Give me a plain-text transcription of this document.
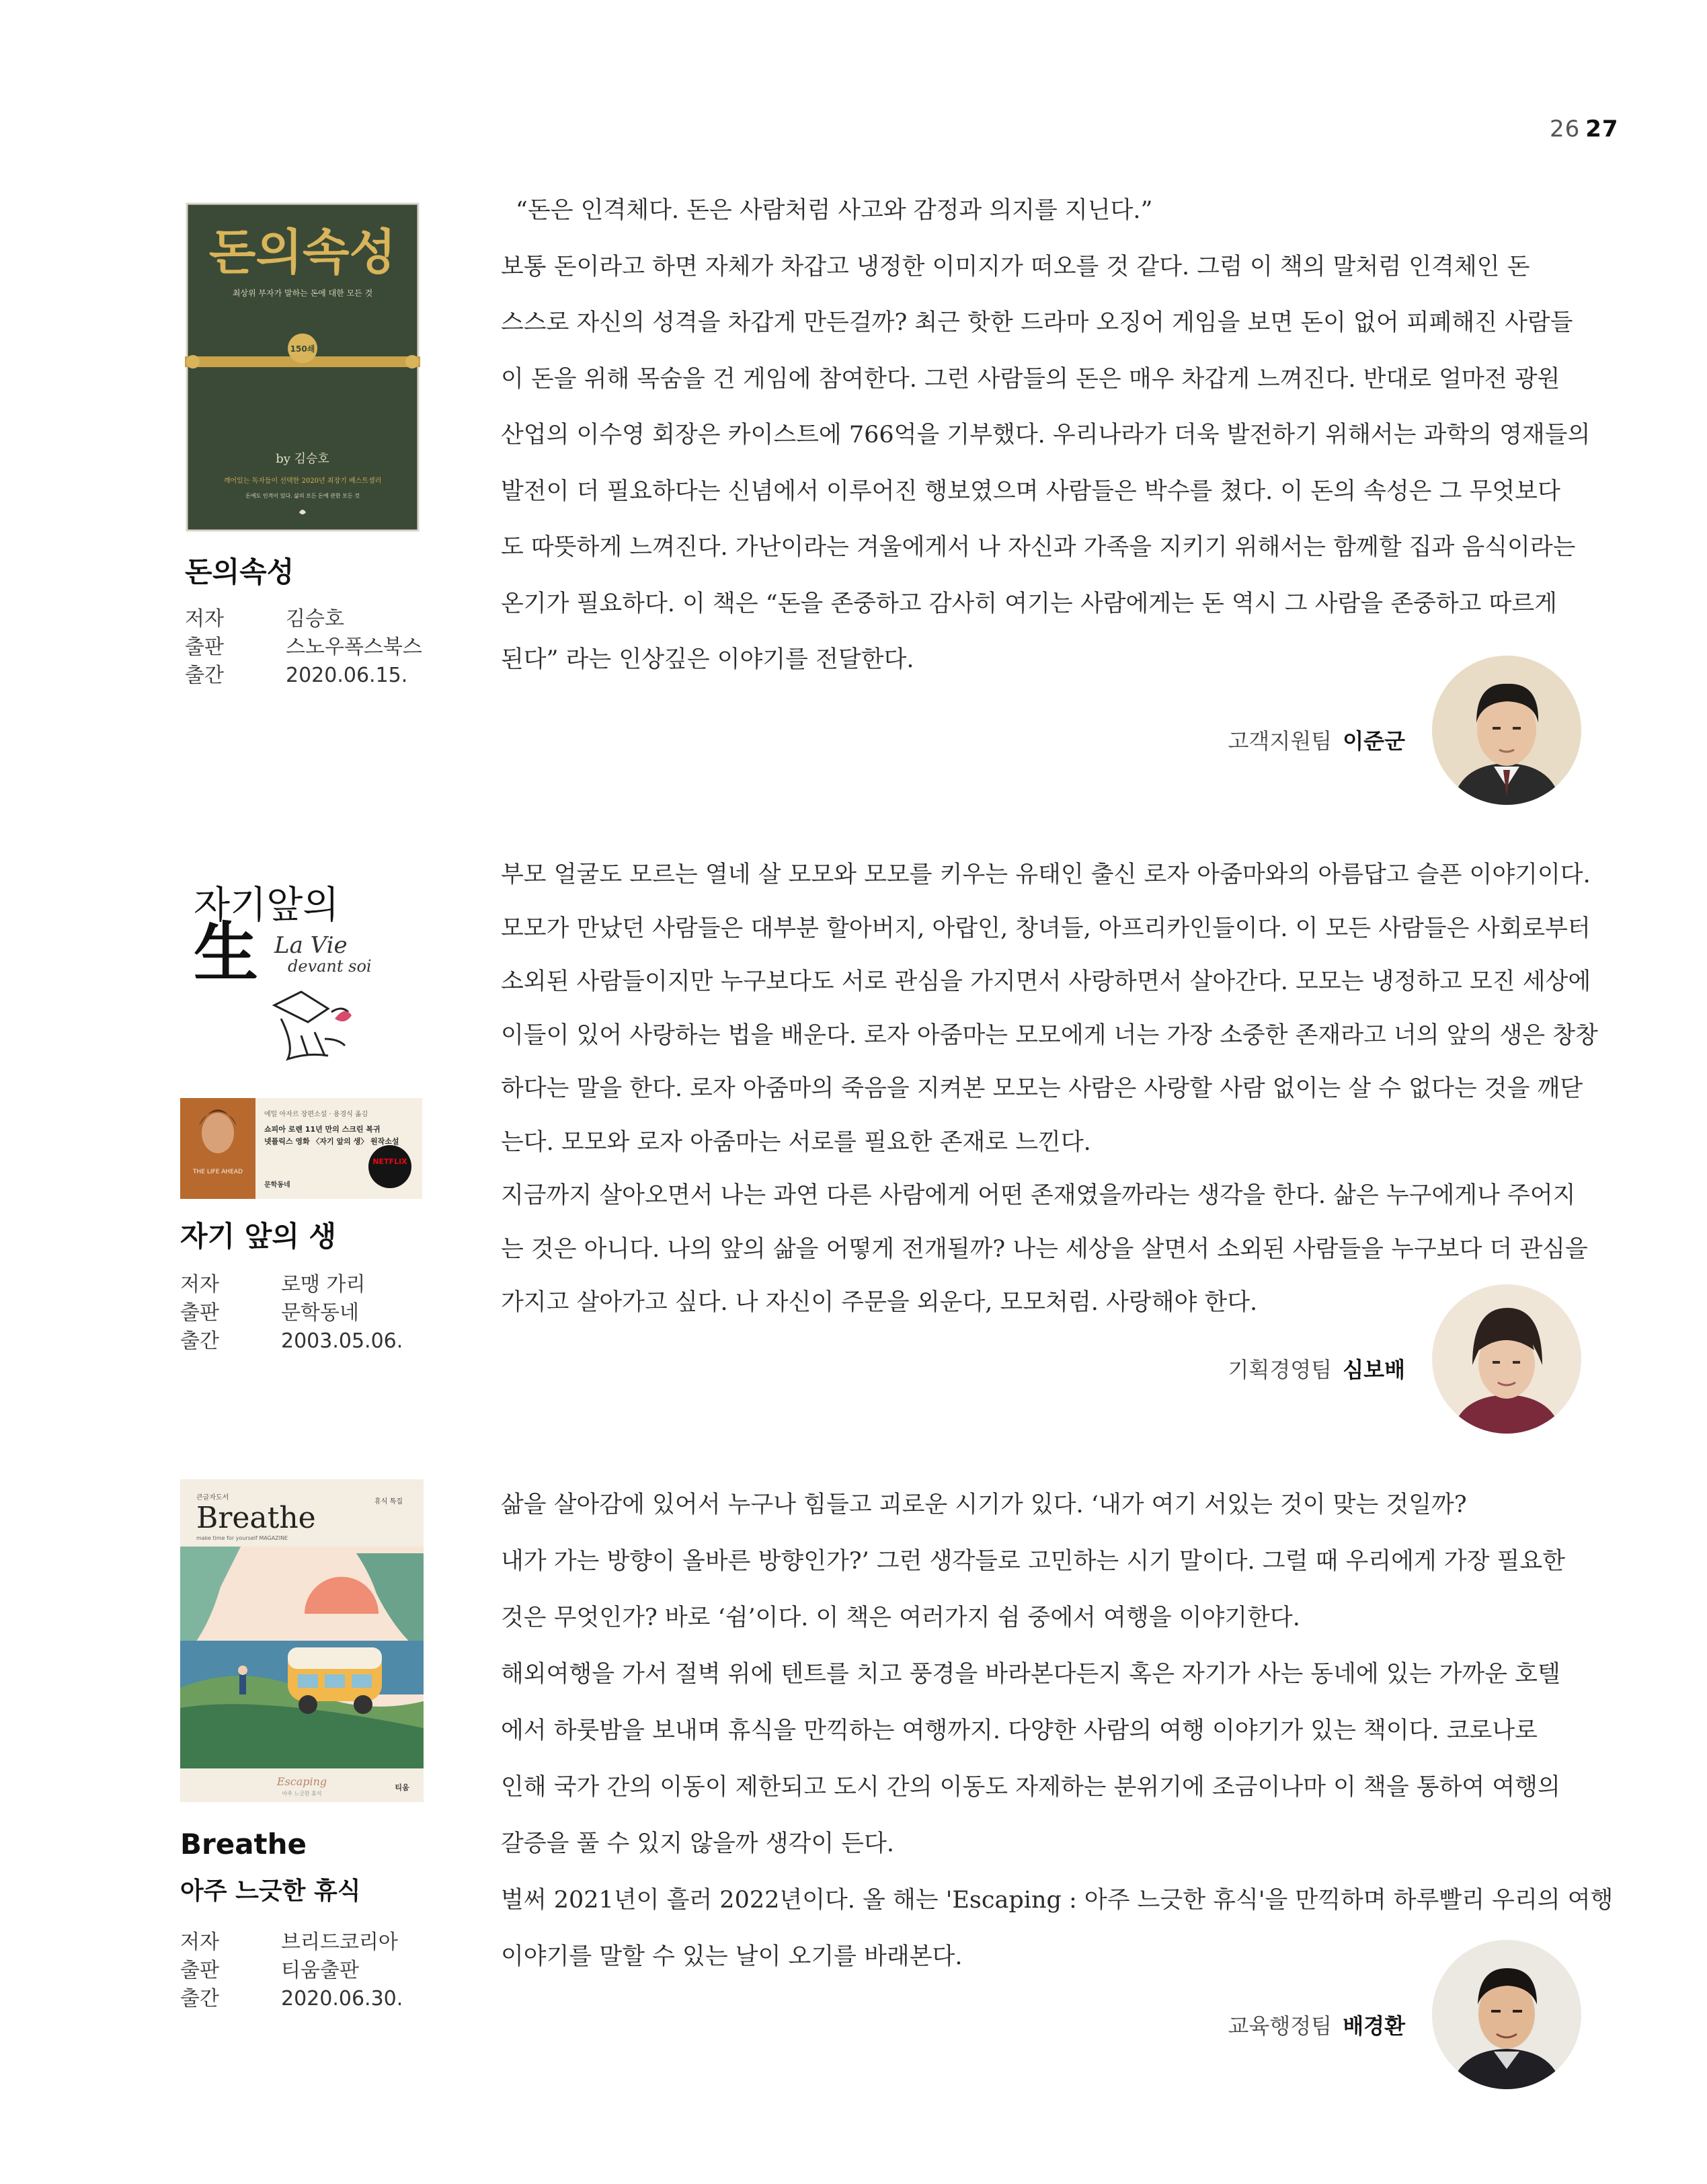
26 27
돈의속성
최상위 부자가 말하는 돈에 대한 모든 것
150쇄
by 김승호
깨어있는 독자들이 선택한 2020년 최장기 베스트셀러
돈에도 인격이 있다. 삶의 모든 돈에 관한 모든 것
돈의속성
저자	김승호
출판	스노우폭스북스
출간	2020.06.15.

“돈은 인격체다. 돈은 사람처럼 사고와 감정과 의지를 지닌다.”

보통 돈이라고 하면 자체가 차갑고 냉정한 이미지가 떠오를 것 같다. 그럼 이 책의 말처럼 인격체인 돈

스스로 자신의 성격을 차갑게 만든걸까? 최근 핫한 드라마 오징어 게임을 보면 돈이 없어 피폐해진 사람들

이 돈을 위해 목숨을 건 게임에 참여한다. 그런 사람들의 돈은 매우 차갑게 느껴진다. 반대로 얼마전 광원

산업의 이수영 회장은 카이스트에 766억을 기부했다. 우리나라가 더욱 발전하기 위해서는 과학의 영재들의

발전이 더 필요하다는 신념에서 이루어진 행보였으며 사람들은 박수를 쳤다. 이 돈의 속성은 그 무엇보다

도 따뜻하게 느껴진다. 가난이라는 겨울에게서 나 자신과 가족을 지키기 위해서는 함께할 집과 음식이라는

온기가 필요하다. 이 책은 “돈을 존중하고 감사히 여기는 사람에게는 돈 역시 그 사람을 존중하고 따르게

된다” 라는 인상깊은 이야기를 전달한다.

고객지원팀 이준군
자기앞의
生 La Vie
devant soi
THE LIFE AHEAD
에밀 아자르 장편소설 · 용경식 옮김
쇼피아 로렌 11년 만의 스크린 복귀
넷플릭스 영화 〈자기 앞의 생〉 원작소설
문학동네
NETFLIX
자기 앞의 생
저자	로맹 가리
출판	문학동네
출간	2003.05.06.

부모 얼굴도 모르는 열네 살 모모와 모모를 키우는 유태인 출신 로자 아줌마와의 아름답고 슬픈 이야기이다.

모모가 만났던 사람들은 대부분 할아버지, 아랍인, 창녀들, 아프리카인들이다. 이 모든 사람들은 사회로부터

소외된 사람들이지만 누구보다도 서로 관심을 가지면서 사랑하면서 살아간다. 모모는 냉정하고 모진 세상에

이들이 있어 사랑하는 법을 배운다. 로자 아줌마는 모모에게 너는 가장 소중한 존재라고 너의 앞의 생은 창창

하다는 말을 한다. 로자 아줌마의 죽음을 지켜본 모모는 사람은 사랑할 사람 없이는 살 수 없다는 것을 깨닫

는다. 모모와 로자 아줌마는 서로를 필요한 존재로 느낀다.

지금까지 살아오면서 나는 과연 다른 사람에게 어떤 존재였을까라는 생각을 한다. 삶은 누구에게나 주어지

는 것은 아니다. 나의 앞의 삶을 어떻게 전개될까? 나는 세상을 살면서 소외된 사람들을 누구보다 더 관심을

가지고 살아가고 싶다. 나 자신이 주문을 외운다, 모모처럼. 사랑해야 한다.

기획경영팀 심보배
큰글자도서
Breathe
make time for yourself MAGAZINE
휴식 특집
Escaping
아주 느긋한 휴식
티움
Breathe
아주 느긋한 휴식
저자	브리드코리아
출판	티움출판
출간	2020.06.30.

삶을 살아감에 있어서 누구나 힘들고 괴로운 시기가 있다. ‘내가 여기 서있는 것이 맞는 것일까?

내가 가는 방향이 올바른 방향인가?’ 그런 생각들로 고민하는 시기 말이다. 그럴 때 우리에게 가장 필요한

것은 무엇인가? 바로 ‘쉼’이다. 이 책은 여러가지 쉼 중에서 여행을 이야기한다.

해외여행을 가서 절벽 위에 텐트를 치고 풍경을 바라본다든지 혹은 자기가 사는 동네에 있는 가까운 호텔

에서 하룻밤을 보내며 휴식을 만끽하는 여행까지. 다양한 사람의 여행 이야기가 있는 책이다. 코로나로

인해 국가 간의 이동이 제한되고 도시 간의 이동도 자제하는 분위기에 조금이나마 이 책을 통하여 여행의

갈증을 풀 수 있지 않을까 생각이 든다.

벌써 2021년이 흘러 2022년이다. 올 해는 'Escaping : 아주 느긋한 휴식'을 만끽하며 하루빨리 우리의 여행

이야기를 말할 수 있는 날이 오기를 바래본다.

교육행정팀 배경환
